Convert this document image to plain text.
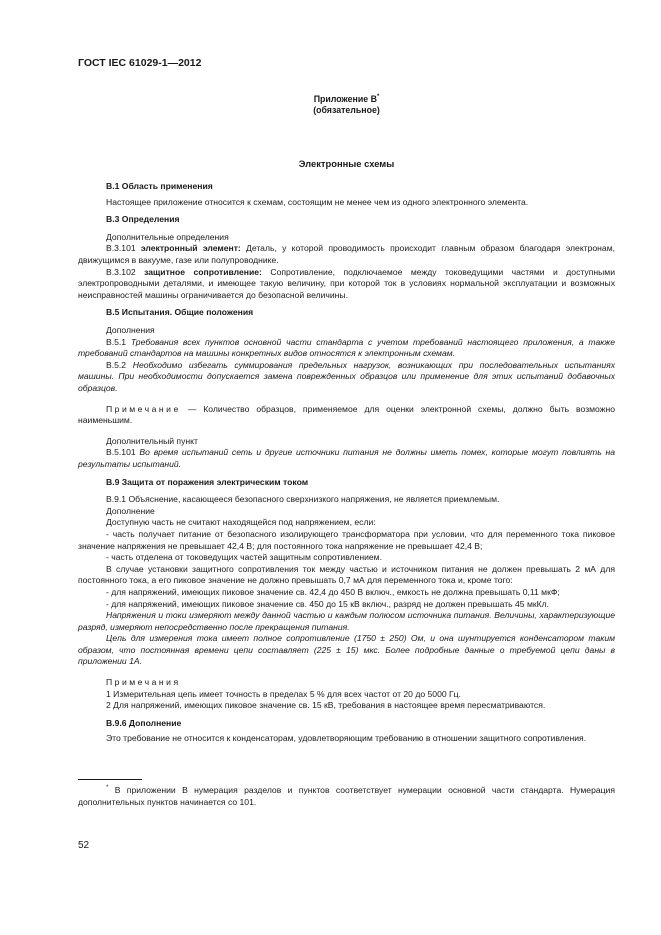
ГОСТ IEC 61029-1—2012

Приложение В*
(обязательное)
Электронные схемы
В.1 Область применения

Настоящее приложение относится к схемам, состоящим не менее чем из одного электронного элемента.

В.3 Определения

Дополнительные определения

В.3.101 электронный элемент: Деталь, у которой проводимость происходит главным образом благодаря электронам, движущимся в вакууме, газе или полупроводнике.

В.3.102 защитное сопротивление: Сопротивление, подключаемое между токоведущими частями и доступными электропроводными деталями, и имеющее такую величину, при которой ток в условиях нормальной эксплуатации и возможных неисправностей машины ограничивается до безопасной величины.

В.5 Испытания. Общие положения

Дополнения

В.5.1 Требования всех пунктов основной части стандарта с учетом требований настоящего приложения, а также требований стандартов на машины конкретных видов относятся к электронным схемам.

В.5.2 Необходимо избегать суммирования предельных нагрузок, возникающих при последовательных испытаниях машины. При необходимости допускается замена поврежденных образцов или применение для этих испытаний добавочных образцов.

Примечание — Количество образцов, применяемое для оценки электронной схемы, должно быть возможно наименьшим.

Дополнительный пункт

В.5.101 Во время испытаний сеть и другие источники питания не должны иметь помех, которые могут повлиять на результаты испытаний.

В.9 Защита от поражения электрическим током

В.9.1 Объяснение, касающееся безопасного сверхнизкого напряжения, не является приемлемым.

Дополнение

Доступную часть не считают находящейся под напряжением, если:

- часть получает питание от безопасного изолирующего трансформатора при условии, что для переменного тока пиковое значение напряжения не превышает 42,4 В; для постоянного тока напряжение не превышает 42,4 В;

- часть отделена от токоведущих частей защитным сопротивлением.

В случае установки защитного сопротивления ток между частью и источником питания не должен превышать 2 мА для постоянного тока, а его пиковое значение не должно превышать 0,7 мА для переменного тока и, кроме того:

- для напряжений, имеющих пиковое значение св. 42,4 до 450 В включ., емкость не должна превышать 0,11 мкФ;

- для напряжений, имеющих пиковое значение св. 450 до 15 кВ включ., разряд не должен превышать 45 мкКл.

Напряжения и токи измеряют между данной частью и каждым полюсом источника питания. Величины, характеризующие разряд, измеряют непосредственно после прекращения питания.

Цепь для измерения тока имеет полное сопротивление (1750 ± 250) Ом, и она шунтируется конденсатором таким образом, что постоянная времени цепи составляет (225 ± 15) мкс. Более подробные данные о требуемой цепи даны в приложении 1А.

Примечания

1 Измерительная цепь имеет точность в пределах 5 % для всех частот от 20 до 5000 Гц.

2 Для напряжений, имеющих пиковое значение св. 15 кВ, требования в настоящее время пересматриваются.

В.9.6 Дополнение

Это требование не относится к конденсаторам, удовлетворяющим требованию в отношении защитного сопротивления.

* В приложении В нумерация разделов и пунктов соответствует нумерации основной части стандарта. Нумерация дополнительных пунктов начинается со 101.

52
